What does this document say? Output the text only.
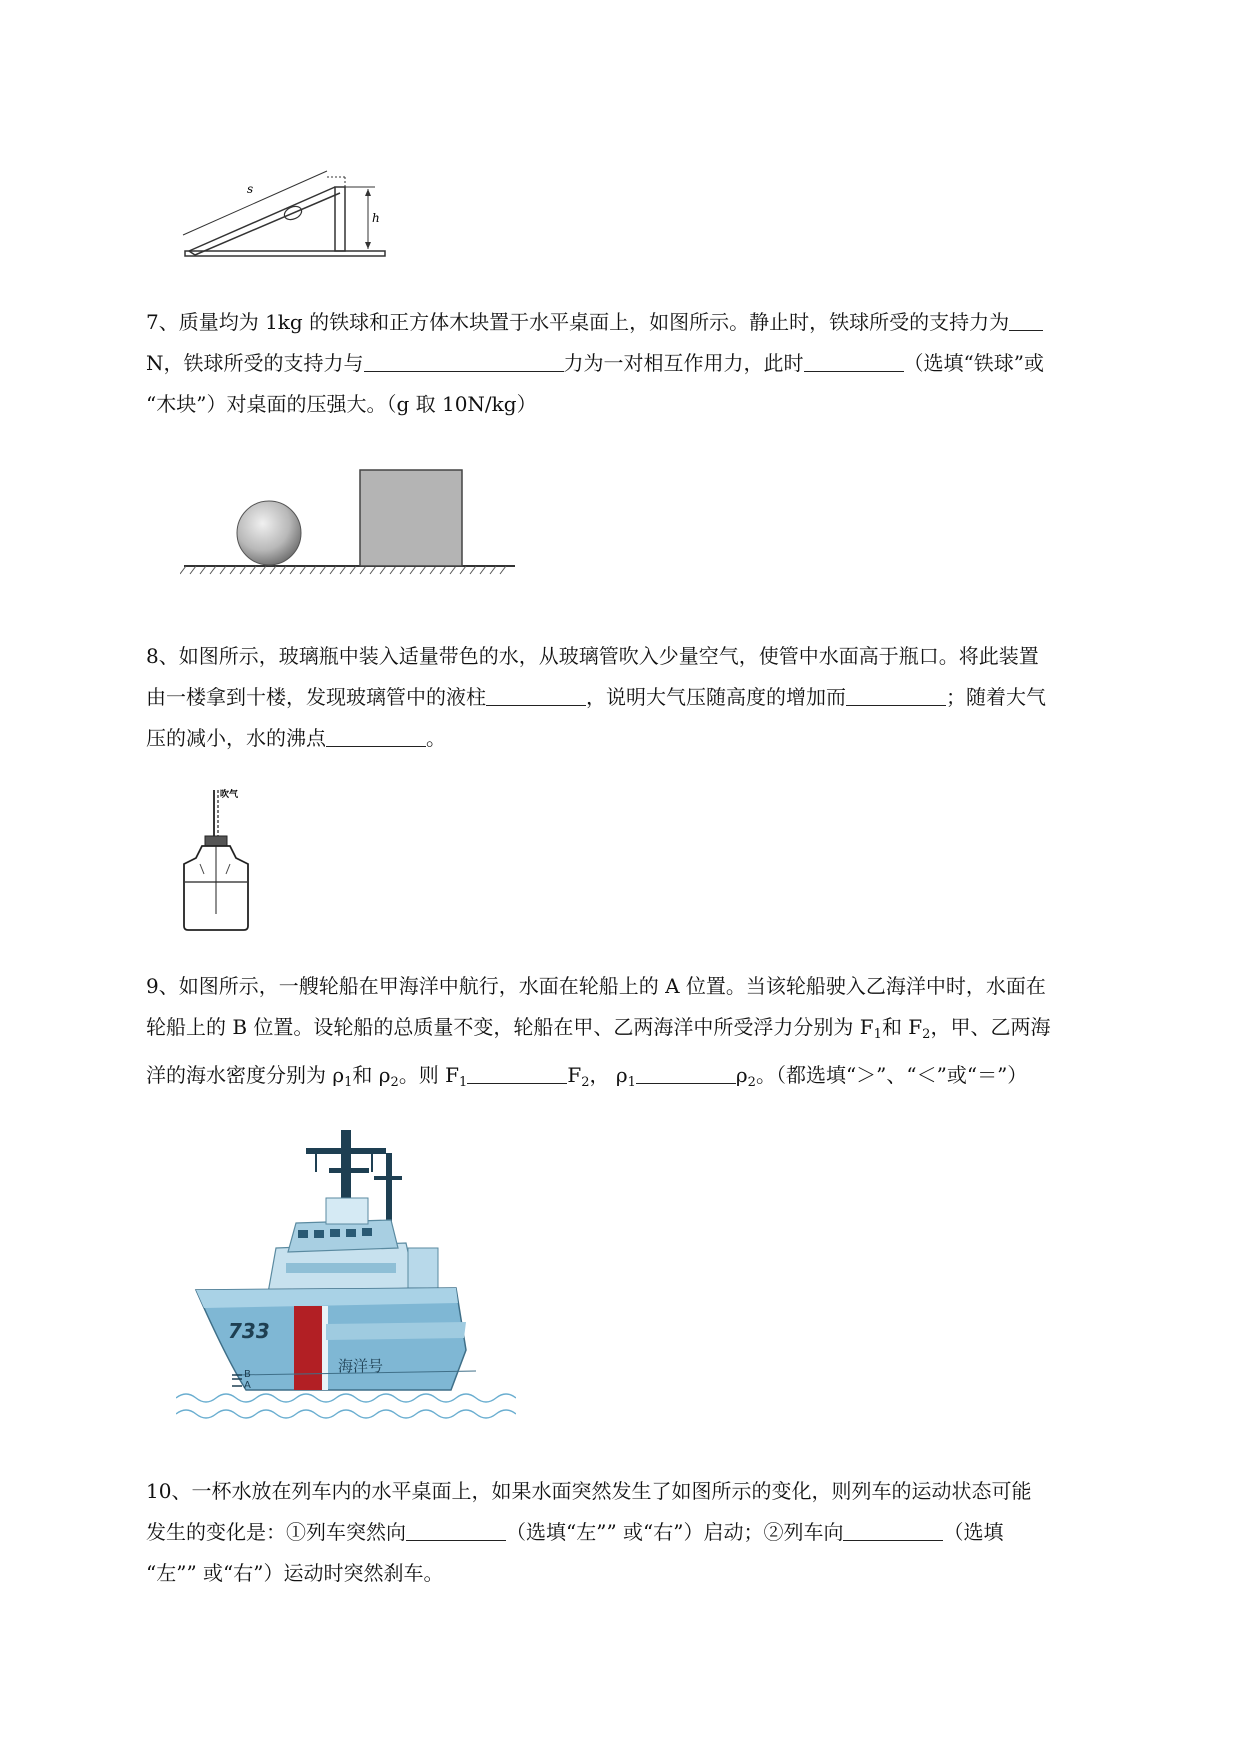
s
h

7、质量均为 1kg 的铁球和正方体木块置于水平桌面上，如图所示。静止时，铁球所受的支持力为

N，铁球所受的支持力与	力为一对相互作用力，此时	（选填“铁球”或

“木块”）对桌面的压强大。（g 取 10N/kg）

8、如图所示，玻璃瓶中装入适量带色的水，从玻璃管吹入少量空气，使管中水面高于瓶口。将此装置

由一楼拿到十楼，发现玻璃管中的液柱	，说明大气压随高度的增加而	；随着大气

压的减小，水的沸点	。

吹气

9、如图所示，一艘轮船在甲海洋中航行，水面在轮船上的 A 位置。当该轮船驶入乙海洋中时，水面在

轮船上的 B 位置。设轮船的总质量不变，轮船在甲、乙两海洋中所受浮力分别为 $F_1$和 $F_2$，甲、乙两海

洋的海水密度分别为 $\rho_1$和 $\rho_2$。则 $F_1$	$F_2$， $\rho_1$	$\rho_2$。（都选填“＞”、“＜”或“＝”）

733
海洋号
B
A

10、一杯水放在列车内的水平桌面上，如果水面突然发生了如图所示的变化，则列车的运动状态可能

发生的变化是：①列车突然向	（选填“左”” 或“右”）启动；②列车向	（选填

“左”” 或“右”）运动时突然刹车。
